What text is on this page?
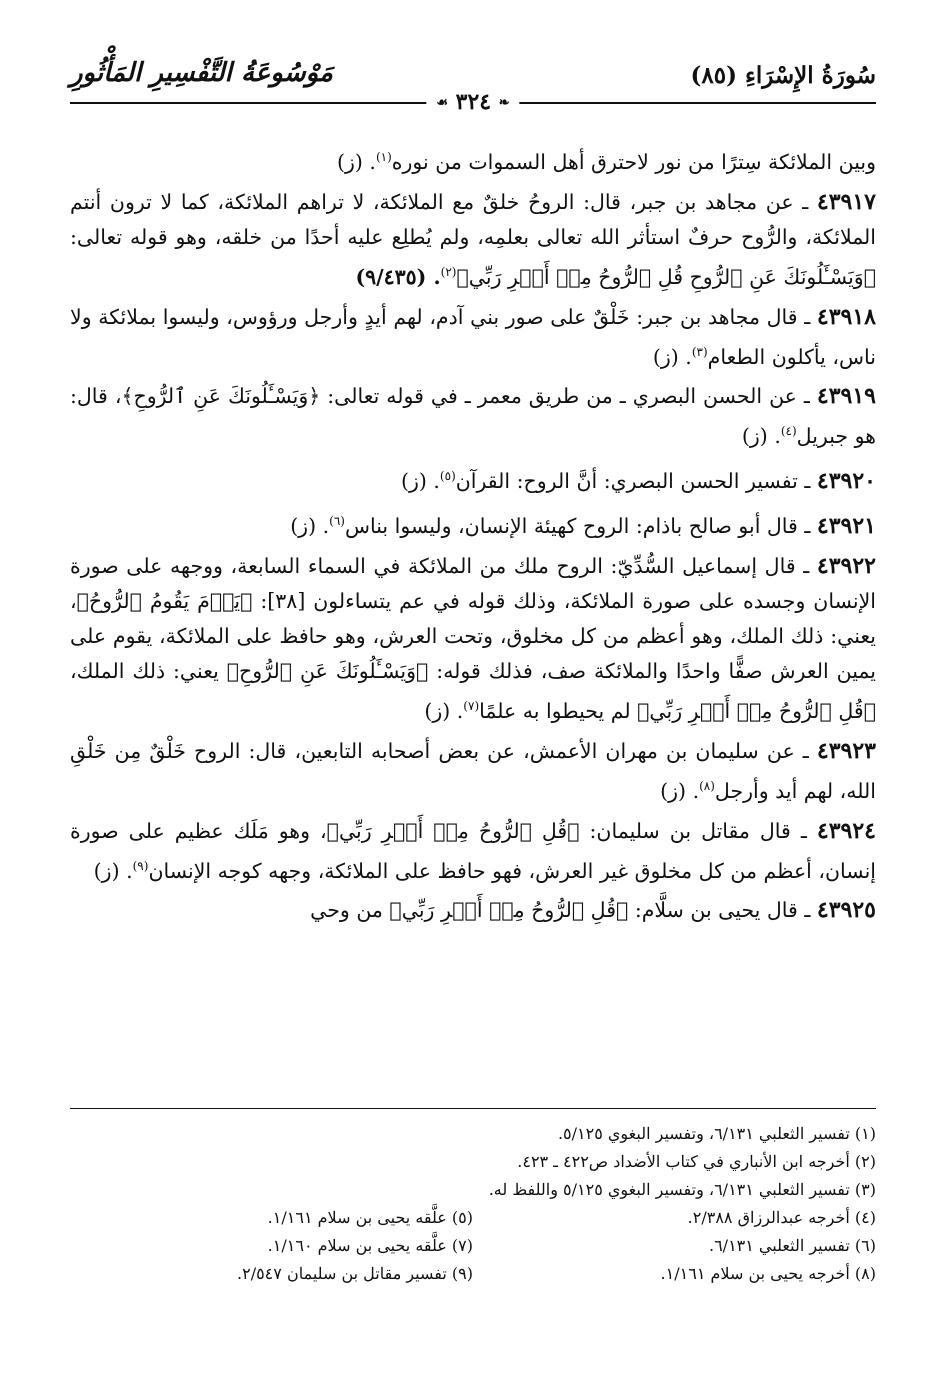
سُورَةُ الإِسْرَاءِ (٨٥)
مَوْسُوعَةُ التَّفْسِيرِ المَأْثُورِ
❧ ٣٢٤ ☙

وبين الملائكة سِترًا من نور لاحترق أهل السموات من نوره$^{(١)}$. (ز)

٤٣٩١٧ ـ عن مجاهد بن جبر، قال: الروحُ خلقٌ مع الملائكة، لا تراهم الملائكة، كما لا ترون أنتم الملائكة، والرُّوح حرفٌ استأثر الله تعالى بعلمِه، ولم يُطلِع عليه أحدًا من خلقه، وهو قوله تعالى: ﴿وَيَسْـَٔلُونَكَ عَنِ ٱلرُّوحِ قُلِ ٱلرُّوحُ مِنۡ أَمۡرِ رَبِّي﴾$^{(٢)}$. (٩/٤٣٥)

٤٣٩١٨ ـ قال مجاهد بن جبر: خَلْقٌ على صور بني آدم، لهم أيدٍ وأرجل ورؤوس، وليسوا بملائكة ولا ناس، يأكلون الطعام$^{(٣)}$. (ز)

٤٣٩١٩ ـ عن الحسن البصري ـ من طريق معمر ـ في قوله تعالى: ﴿وَيَسْـَٔلُونَكَ عَنِ ٱلرُّوحِ﴾، قال: هو جبريل$^{(٤)}$. (ز)

٤٣٩٢٠ ـ تفسير الحسن البصري: أنَّ الروح: القرآن$^{(٥)}$. (ز)

٤٣٩٢١ ـ قال أبو صالح باذام: الروح كهيئة الإنسان، وليسوا بناس$^{(٦)}$. (ز)

٤٣٩٢٢ ـ قال إسماعيل السُّدِّيّ: الروح ملك من الملائكة في السماء السابعة، ووجهه على صورة الإنسان وجسده على صورة الملائكة، وذلك قوله في عم يتساءلون [٣٨]: ﴿يَوۡمَ يَقُومُ ٱلرُّوحُ﴾، يعني: ذلك الملك، وهو أعظم من كل مخلوق، وتحت العرش، وهو حافظ على الملائكة، يقوم على يمين العرش صفًّا واحدًا والملائكة صف، فذلك قوله: ﴿وَيَسْـَٔلُونَكَ عَنِ ٱلرُّوحِ﴾ يعني: ذلك الملك، ﴿قُلِ ٱلرُّوحُ مِنۡ أَمۡرِ رَبِّي﴾ لم يحيطوا به علمًا$^{(٧)}$. (ز)

٤٣٩٢٣ ـ عن سليمان بن مهران الأعمش، عن بعض أصحابه التابعين، قال: الروح خَلْقٌ مِن خَلْقِ الله، لهم أيد وأرجل$^{(٨)}$. (ز)

٤٣٩٢٤ ـ قال مقاتل بن سليمان: ﴿قُلِ ٱلرُّوحُ مِنۡ أَمۡرِ رَبِّي﴾، وهو مَلَك عظيم على صورة إنسان، أعظم من كل مخلوق غير العرش، فهو حافظ على الملائكة، وجهه كوجه الإنسان$^{(٩)}$. (ز)

٤٣٩٢٥ ـ قال يحيى بن سلَّام: ﴿قُلِ ٱلرُّوحُ مِنۡ أَمۡرِ رَبِّي﴾ من وحي

(١) تفسير الثعلبي ٦/١٣١، وتفسير البغوي ٥/١٢٥.
(٢) أخرجه ابن الأنباري في كتاب الأضداد ص٤٢٢ ـ ٤٢٣.
(٣) تفسير الثعلبي ٦/١٣١، وتفسير البغوي ٥/١٢٥ واللفظ له.
(٤) أخرجه عبدالرزاق ٢/٣٨٨.
(٥) علَّقه يحيى بن سلام ١/١٦١.
(٦) تفسير الثعلبي ٦/١٣١.
(٧) علَّقه يحيى بن سلام ١/١٦٠.
(٨) أخرجه يحيى بن سلام ١/١٦١.
(٩) تفسير مقاتل بن سليمان ٢/٥٤٧.
